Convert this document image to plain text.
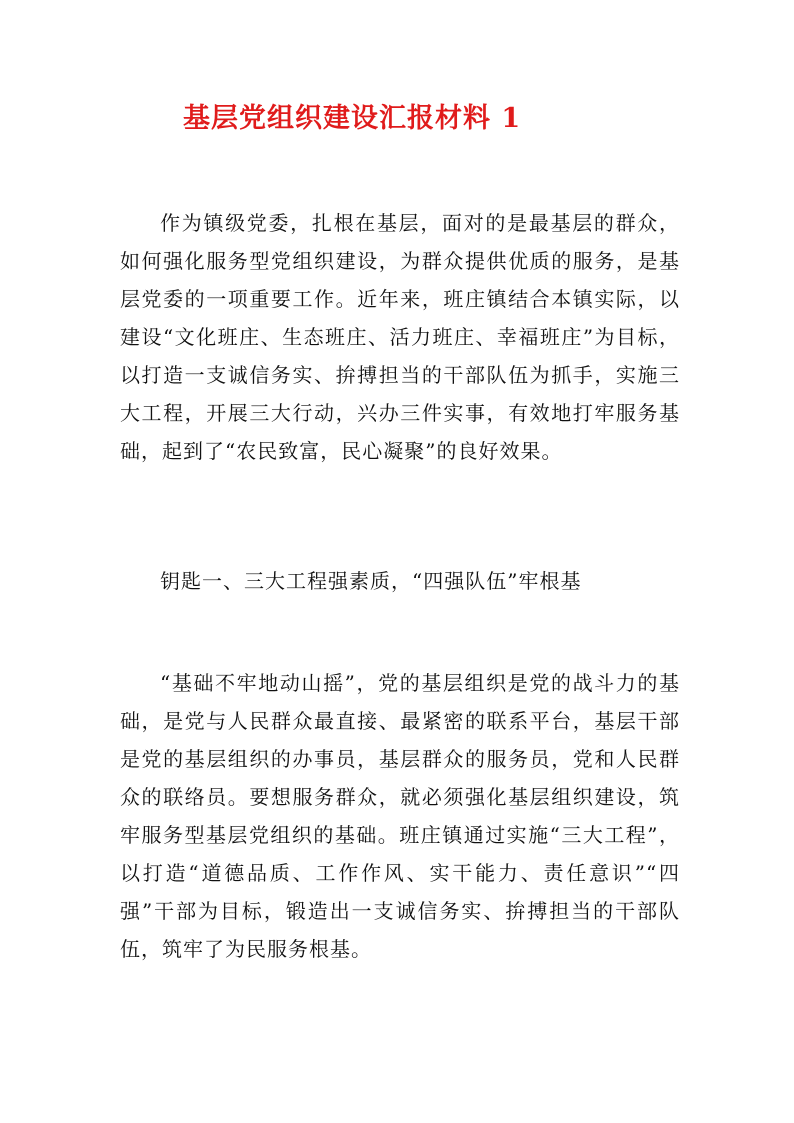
基层党组织建设汇报材料 1

作为镇级党委，扎根在基层，面对的是最基层的群众，如何强化服务型党组织建设，为群众提供优质的服务，是基层党委的一项重要工作。近年来，班庄镇结合本镇实际，以建设“文化班庄、生态班庄、活力班庄、幸福班庄”为目标，以打造一支诚信务实、拚搏担当的干部队伍为抓手，实施三大工程，开展三大行动，兴办三件实事，有效地打牢服务基础，起到了“农民致富，民心凝聚”的良好效果。

钥匙一、三大工程强素质，“四强队伍”牢根基

“基础不牢地动山摇”，党的基层组织是党的战斗力的基础，是党与人民群众最直接、最紧密的联系平台，基层干部是党的基层组织的办事员，基层群众的服务员，党和人民群众的联络员。要想服务群众，就必须强化基层组织建设，筑牢服务型基层党组织的基础。班庄镇通过实施“三大工程”，以打造“道德品质、工作作风、实干能力、责任意识”“四强”干部为目标，锻造出一支诚信务实、拚搏担当的干部队伍，筑牢了为民服务根基。
